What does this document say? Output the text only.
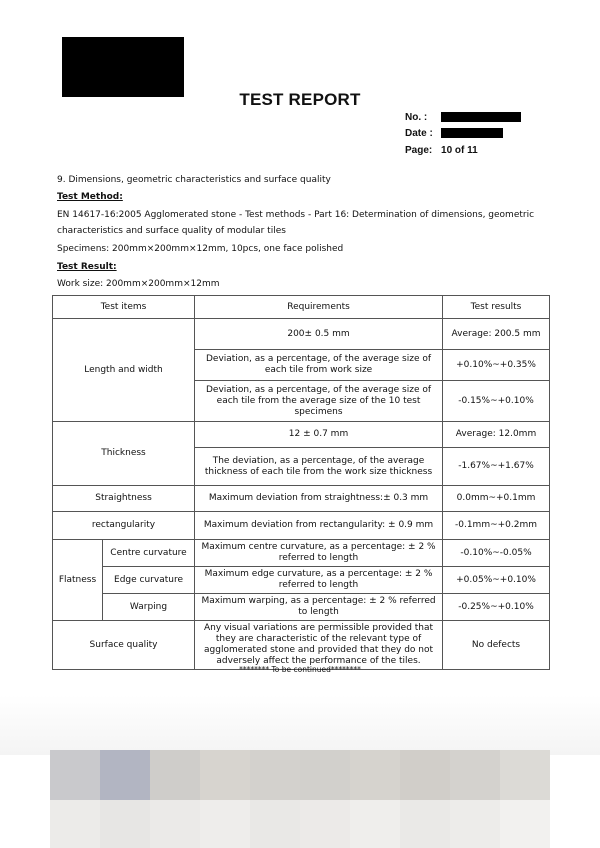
TEST REPORT
No. :
Date :
Page: 10 of 11
9. Dimensions, geometric characteristics and surface quality
Test Method:
EN 14617-16:2005 Agglomerated stone - Test methods - Part 16: Determination of dimensions, geometric
characteristics and surface quality of modular tiles
Specimens: 200mm×200mm×12mm, 10pcs, one face polished
Test Result:
Work size: 200mm×200mm×12mm
Test items		Requirements	Test results
Length and width		200± 0.5 mm	Average: 200.5 mm
		Deviation, as a percentage, of the average size of each tile from work size	+0.10%~+0.35%
		Deviation, as a percentage, of the average size of each tile from the average size of the 10 test specimens	-0.15%~+0.10%
Thickness		12 ± 0.7 mm	Average: 12.0mm
		The deviation, as a percentage, of the average thickness of each tile from the work size thickness	-1.67%~+1.67%
Straightness		Maximum deviation from straightness:± 0.3 mm	0.0mm~+0.1mm
rectangularity		Maximum deviation from rectangularity: ± 0.9 mm	-0.1mm~+0.2mm
Flatness	Centre curvature	Maximum centre curvature, as a percentage: ± 2 % referred to length	-0.10%~-0.05%
	Edge curvature	Maximum edge curvature, as a percentage: ± 2 % referred to length	+0.05%~+0.10%
	Warping	Maximum warping, as a percentage: ± 2 % referred to length	-0.25%~+0.10%
Surface quality		Any visual variations are permissible provided that they are characteristic of the relevant type of agglomerated stone and provided that they do not adversely affect the performance of the tiles.	No defects
******** To be continued********
